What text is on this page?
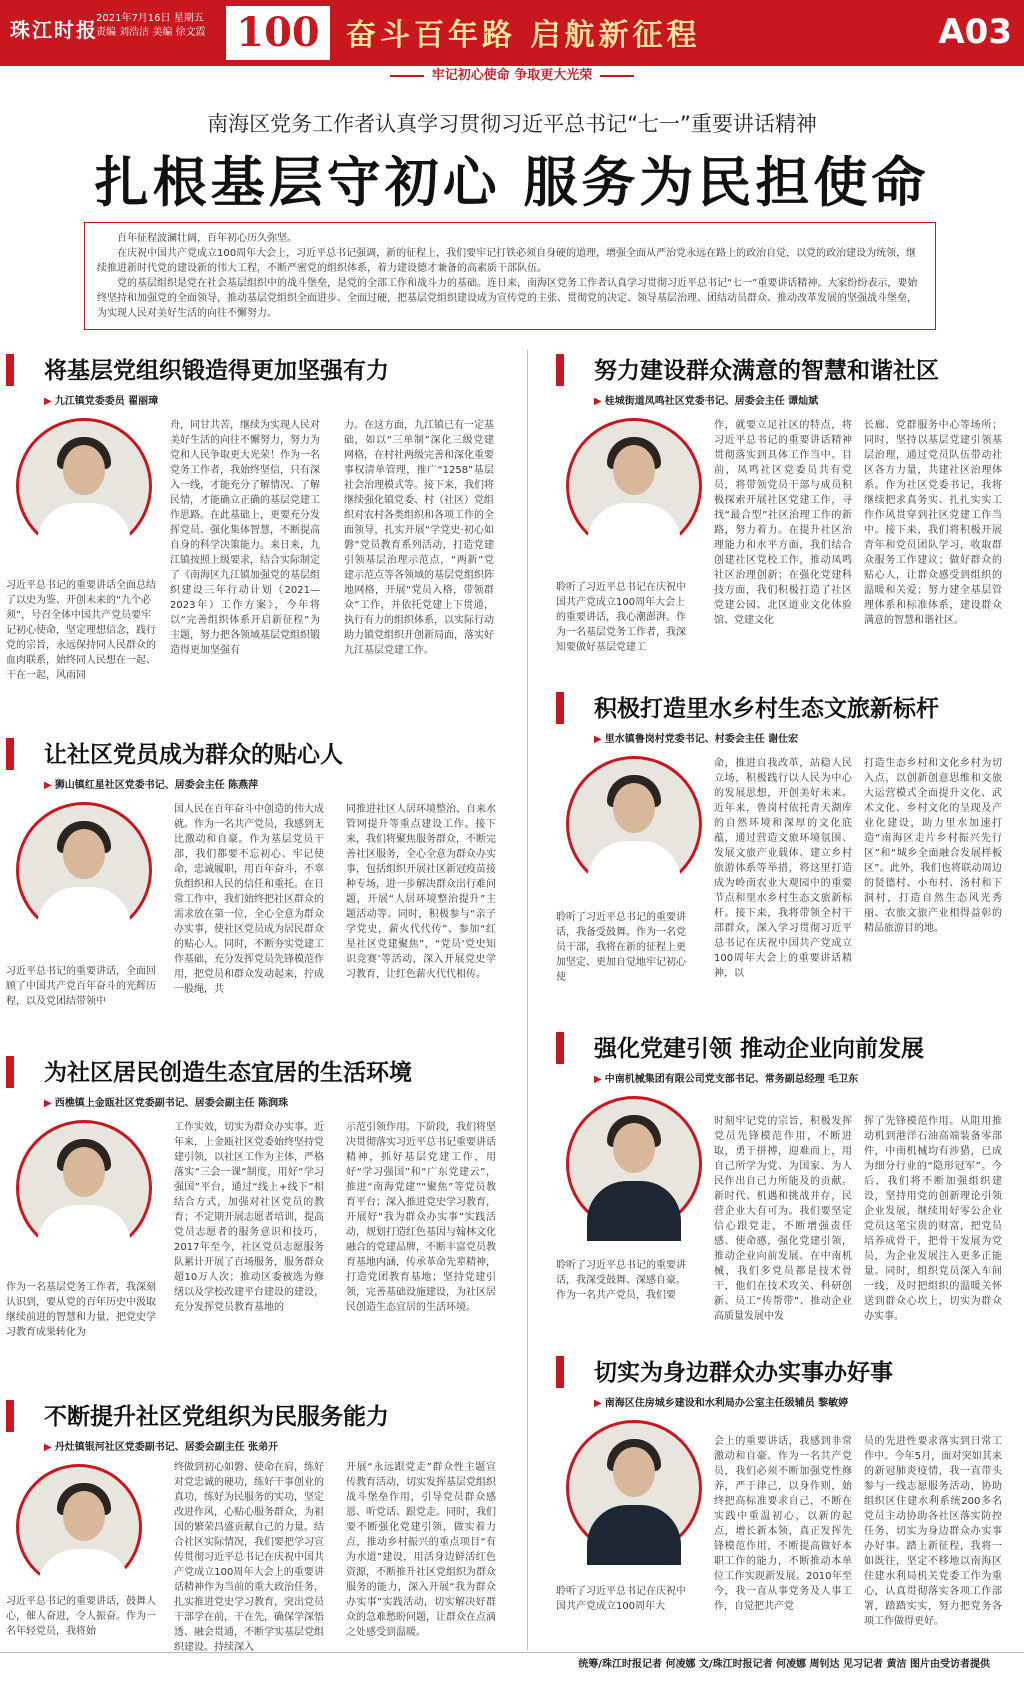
珠江时报
2021年7月16日 星期五
责编 刘浩洁 美编 徐文霞 100 奋斗百年路 启航新征程	A03
牢记初心使命 争取更大光荣
南海区党务工作者认真学习贯彻习近平总书记“七一”重要讲话精神
扎根基层守初心 服务为民担使命

百年征程波澜壮阔，百年初心历久弥坚。

在庆祝中国共产党成立100周年大会上，习近平总书记强调，新的征程上，我们要牢记打铁必须自身硬的道理，增强全面从严治党永远在路上的政治自觉，以党的政治建设为统领，继续推进新时代党的建设新的伟大工程，不断严密党的组织体系，着力建设德才兼备的高素质干部队伍。

党的基层组织是党在社会基层组织中的战斗堡垒，是党的全部工作和战斗力的基础。连日来，南海区党务工作者认真学习贯彻习近平总书记“七一”重要讲话精神。大家纷纷表示，要始终坚持和加强党的全面领导，推动基层党组织全面进步、全面过硬，把基层党组织建设成为宣传党的主张、贯彻党的决定、领导基层治理、团结动员群众、推动改革发展的坚强战斗堡垒，为实现人民对美好生活的向往不懈努力。

将基层党组织锻造得更加坚强有力
▶ 九江镇党委委员 翟丽璋
习近平总书记的重要讲话全面总结了以史为鉴、开创未来的“九个必须”，号召全体中国共产党员要牢记初心使命，坚定理想信念，践行党的宗旨，永远保持同人民群众的血肉联系，始终同人民想在一起、干在一起，风雨同
舟，同甘共苦，继续为实现人民对美好生活的向往不懈努力，努力为党和人民争取更大光荣！作为一名党务工作者，我始终坚信，只有深入一线，才能充分了解情况、了解民情，才能确立正确的基层党建工作思路。在此基础上，更要充分发挥党员、强化集体智慧，不断提高自身的科学决策能力。来日来，九江镇按照上级要求，结合实际制定了《南海区九江镇加强党的基层组织建设三年行动计划（2021—2023年）工作方案》，今年将以“完善组织体系开启新征程”为主题，努力把各领域基层党组织锻造得更加坚强有
力。在这方面，九江镇已有一定基础，如以“三单制”深化三级党建网格，在村社两级完善和深化重要事权清单管理，推广“1258”基层社会治理模式等。接下来，我们将继续强化镇党委、村（社区）党组织对农村各类组织和各项工作的全面领导，扎实开展“学党史·初心如磐”党员教育系列活动，打造党建引领基层治理示范点，“两新”党建示范点等各领域的基层党组织阵地网格，开展“党员入格，带领群众”工作，并依托党建上下贯通，执行有力的组织体系，以实际行动助力镇党组织开创新局面，落实好九江基层党建工作。
努力建设群众满意的智慧和谐社区
▶ 桂城街道凤鸣社区党委书记、居委会主任 谭灿斌
聆听了习近平总书记在庆祝中国共产党成立100周年大会上的重要讲话，我心潮澎湃。作为一名基层党务工作者，我深知要做好基层党建工
作，就要立足社区的特点，将习近平总书记的重要讲话精神贯彻落实到具体工作当中。目前，凤鸣社区党委员共有党员，将带领党员干部与成员积极探索开展社区党建工作，寻找“最合型”社区治理工作的新路，努力着力。在提升社区治理能力和水平方面，我们结合创建社区党校工作，推动凤鸣社区治理创新；在强化党建科技方面，我们积极打造了社区党建公园、北区道业文化体验馆、党建文化
长廊、党群服务中心等场所；同时，坚持以基层党建引领基层治理，通过党员队伍带动社区各方力量，共建社区治理体系。作为社区党委书记，我将继续把求真务实、扎扎实实工作作风贯穿到社区党建工作当中。接下来，我们将积极开展青年和党员团队学习，收取群众服务工作建议；做好群众的贴心人，让群众感受到组织的温暖和关爱；努力建全基层管理体系和标准体系，建设群众满意的智慧和谐社区。
让社区党员成为群众的贴心人
▶ 狮山镇红星社区党委书记、居委会主任 陈燕萍
习近平总书记的重要讲话，全面回顾了中国共产党百年奋斗的光辉历程，以及党团结带领中
国人民在百年奋斗中创造的伟大成就。作为一名共产党员，我感到无比激动和自豪。作为基层党员干部，我们都要不忘初心、牢记使命，忠诚履职，用百年奋斗，不辜负组织和人民的信任和重托。在日常工作中，我们始终把社区群众的需求放在第一位，全心全意为群众办实事，使社区党员成为居民群众的贴心人。同时，不断夯实党建工作基础，充分发挥党员先锋模范作用，把党员和群众发动起来，拧成一股绳，共
同推进社区人居环境整治、自来水管网提升等重点建设工作。接下来，我们将聚焦服务群众，不断完善社区服务，全心全意为群众办实事，包括组织开展社区新冠疫苗接种专场，进一步解决群众出行难问题，开展“人居环境整治提升”主题活动等。同时，积极参与“亲子学党史，薪火代代传”、参加“红星社区党建聚焦”，“党员‘党史知识竞赛’等活动，深入开展党史学习教育，让红色薪火代代相传。
积极打造里水乡村生态文旅新标杆
▶ 里水镇鲁岗村党委书记、村委会主任 谢仕宏
聆听了习近平总书记的重要讲话，我备受鼓舞。作为一名党员干部，我将在新的征程上更加坚定、更加自觉地牢记初心使
命，推进自我改革，站稳人民立场，积极践行以人民为中心的发展思想，开创美好未来。近年来，鲁岗村依托青天湖库的自然环境和深厚的文化底蕴，通过营造文旅环境氛围、发展文旅产业载体、建立乡村旅游体系等举措，将这里打造成为岭南农业大观园中的重要节点和里水乡村生态文旅新标杆。接下来，我将带领全村干部群众，深入学习贯彻习近平总书记在庆祝中国共产党成立100周年大会上的重要讲话精神，以
打造生态乡村和文化乡村为切入点，以创新创意思维和文旅大运营模式全面提升文化、武术文化、乡村文化的呈现及产业化建设，助力里水加速打造“南海区走片乡村振兴先行区”和“城乡全面融合发展样板区”。此外，我们也将联动周边的贤德村、小布村、汤村和下洞村，打造自然生态风光秀丽、农旅文旅产业相得益彰的精品旅游目的地。
为社区居民创造生态宜居的生活环境
▶ 西樵镇上金瓯社区党委副书记、居委会副主任 陈润珠
作为一名基层党务工作者，我深刻认识到，要从党的百年历史中汲取继续前进的智慧和力量，把党史学习教育成果转化为
工作实效，切实为群众办实事。近年来，上金瓯社区党委始终坚持党建引领，以社区工作为主体，严格落实“三会一课”制度，用好“学习强国”平台，通过“线上+线下”相结合方式，加强对社区党员的教育；不定期开展志愿者培训，提高党员志愿者的服务意识和技巧，2017年至今，社区党员志愿服务队累计开展了百场服务，服务群众超10万人次；推动区委被选为修缮以及学校改建平台建设的建设，充分发挥党员教育基地的
示范引领作用。下阶段，我们将坚决贯彻落实习近平总书记重要讲话精神，抓好基层党建工作，用好“学习强国”和“广东党建云”，推进“南海党建”“聚焦”等党员教育平台；深入推进党史学习教育，开展好“我为群众办实事”实践活动，规划打造红色基因与翰林文化融合的党建品牌，不断丰富党员教育基地内涵，传承革命先辈精神，打造党团教育基地；坚持党建引领，完善基础设施建设，为社区居民创造生态宜居的生活环境。
强化党建引领 推动企业向前发展
▶ 中南机械集团有限公司党支部书记、常务副总经理 毛卫东
聆听了习近平总书记的重要讲话，我深受鼓舞、深感自豪。作为一名共产党员，我们要
时刻牢记党的宗旨，积极发挥党员先锋模范作用，不断进取，勇于拼搏，迎难而上，用自己所学为党、为国家、为人民作出自己力所能及的贡献。新时代、机遇和挑战并存，民营企业大有可为。我们要坚定信心跟党走，不断增强责任感、使命感，强化党建引领，推动企业向前发展。在中南机械，我们多党员都是技术骨干，他们在技术攻关、科研创新、员工“传帮带”、推动企业高质量发展中发
挥了先锋模范作用。从阻用推动机到港洋石油高端装备零部件，中南机械均有涉猎，已成为细分行业的“隐形冠军”。今后，我们将不断加强组织建设，坚持用党的创新理论引领企业发展，继续用好零公企业党员这笔宝贵的财富，把党员培养成骨干，把骨干发展为党员，为企业发展注入更多正能量。同时，组织党员深入车间一线，及时把组织的温暖关怀送到群众心坎上，切实为群众办实事。
不断提升社区党组织为民服务能力
▶ 丹灶镇银河社区党委副书记、居委会副主任 张弟开
习近平总书记的重要讲话，鼓舞人心，催人奋进，令人振奋。作为一名年轻党员，我将始
终做到初心如磐、使命在肩，练好对党忠诚的硬功，练好干事创业的真功，练好为民服务的实功，坚定改进作风，心贴心服务群众，为祖国的繁荣昌盛贡献自己的力量。结合社区实际情况，我们要把学习宣传贯彻习近平总书记在庆祝中国共产党成立100周年大会上的重要讲话精神作为当前的重大政治任务，扎实推进党史学习教育，突出党员干部学在前，干在先，确保学深悟透、融会贯通，不断学实基层党组织建设。持续深入
开展“永远跟党走”群众性主题宣传教育活动，切实发挥基层党组织战斗堡垒作用，引导党员群众感恩、听党话、跟党走。同时，我们要不断强化党建引领，做实着力点，推动乡村振兴的重点项目“有为水道”建设，用活身边鲜活红色资源，不断推升社区党组织为群众服务的能力，深入开展“我为群众办实事”实践活动，切实解决好群众的急难愁盼问题，让群众在点滴之处感受到温暖。
切实为身边群众办实事办好事
▶ 南海区住房城乡建设和水利局办公室主任级辅员 黎敏婷
聆听了习近平总书记在庆祝中国共产党成立100周年大
会上的重要讲话，我感到非常激动和自豪。作为一名共产党员，我们必须不断加强党性修养，严于律己，以身作则，始终把高标准要求自己，不断在实践中重温初心，以新的起点，增长新本领，真正发挥先锋模范作用，不断提高做好本职工作的能力，不断推动本单位工作实现新发展。2010年至今，我一直从事党务及人事工作，自觉把共产党
员的先进性要求落实到日常工作中。今年5月，面对突如其来的新冠肺炎疫情，我一直带头参与一线志愿服务活动，协助组织区住建水利系统200多名党员主动协助各社区落实防控任务，切实为身边群众办实事办好事。踏上新征程，我将一如既往，坚定不移地以南海区住建水利局机关党委工作为重心，认真贯彻落实各项工作部署，踏踏实实，努力把党务各项工作做得更好。
统筹/珠江时报记者 何凌娜 文/珠江时报记者 何凌娜 周钊达 见习记者 黄洁 图片由受访者提供
